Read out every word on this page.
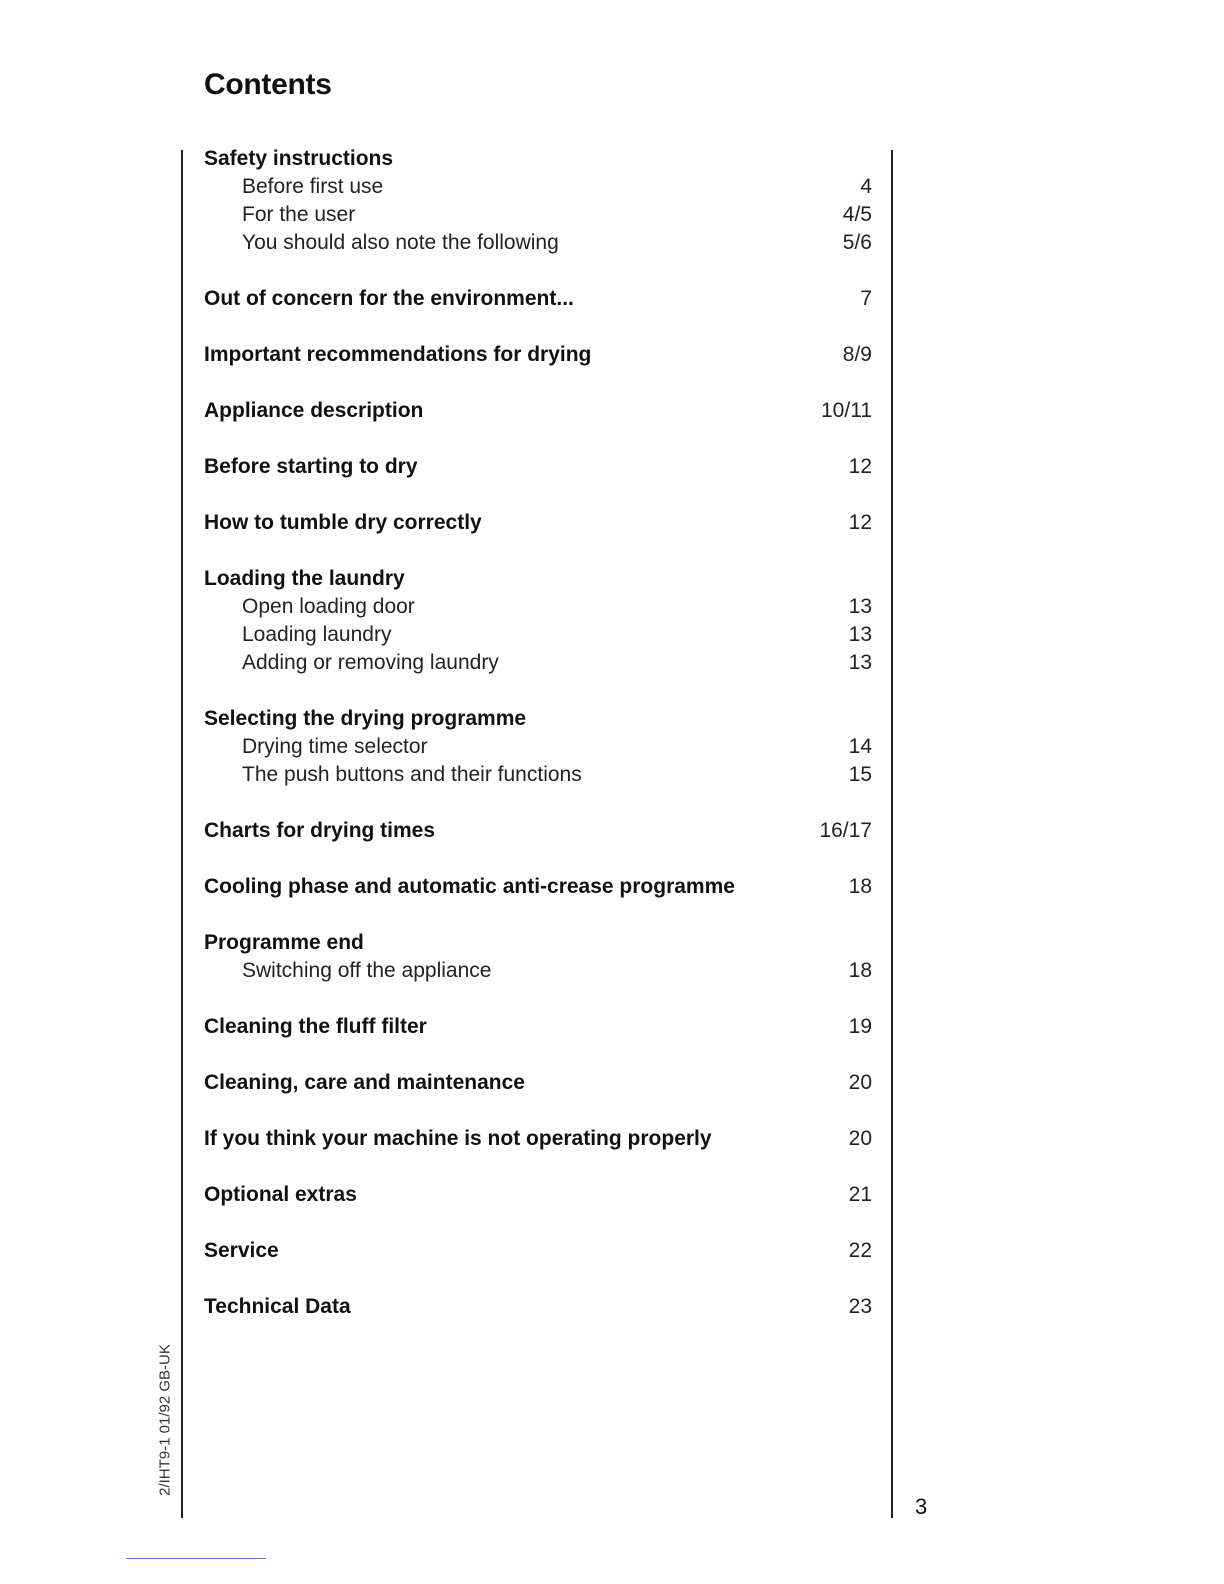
Contents
Safety instructions
Before first use	4
For the user	4/5
You should also note the following	5/6
Out of concern for the environment...	7
Important recommendations for drying	8/9
Appliance description	10/11
Before starting to dry	12
How to tumble dry correctly	12
Loading the laundry
Open loading door	13
Loading laundry	13
Adding or removing laundry	13
Selecting the drying programme
Drying time selector	14
The push buttons and their functions	15
Charts for drying times	16/17
Cooling phase and automatic anti-crease programme	18
Programme end
Switching off the appliance	18
Cleaning the fluff filter	19
Cleaning, care and maintenance	20
If you think your machine is not operating properly	20
Optional extras	21
Service	22
Technical Data	23
3
2/IHT9-1 01/92 GB-UK
